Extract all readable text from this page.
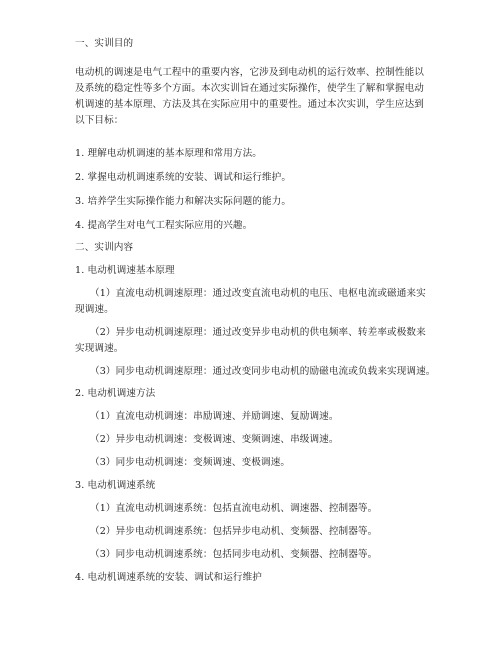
一、实训目的
电动机的调速是电气工程中的重要内容，它涉及到电动机的运行效率、控制性能以
及系统的稳定性等多个方面。本次实训旨在通过实际操作，使学生了解和掌握电动
机调速的基本原理、方法及其在实际应用中的重要性。通过本次实训，学生应达到
以下目标：
1. 理解电动机调速的基本原理和常用方法。
2. 掌握电动机调速系统的安装、调试和运行维护。
3. 培养学生实际操作能力和解决实际问题的能力。
4. 提高学生对电气工程实际应用的兴趣。
二、实训内容
1. 电动机调速基本原理
（1）直流电动机调速原理：通过改变直流电动机的电压、电枢电流或磁通来实
现调速。
（2）异步电动机调速原理：通过改变异步电动机的供电频率、转差率或极数来
实现调速。
（3）同步电动机调速原理：通过改变同步电动机的励磁电流或负载来实现调速。
2. 电动机调速方法
（1）直流电动机调速：串励调速、并励调速、复励调速。
（2）异步电动机调速：变极调速、变频调速、串级调速。
（3）同步电动机调速：变频调速、变极调速。
3. 电动机调速系统
（1）直流电动机调速系统：包括直流电动机、调速器、控制器等。
（2）异步电动机调速系统：包括异步电动机、变频器、控制器等。
（3）同步电动机调速系统：包括同步电动机、变频器、控制器等。
4. 电动机调速系统的安装、调试和运行维护
